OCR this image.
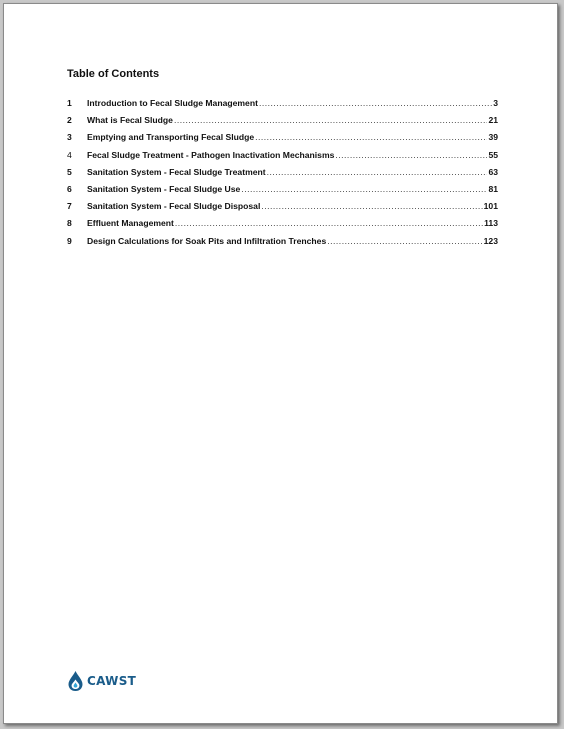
Table of Contents
1	Introduction to Fecal Sludge Management .....	3
2	What is Fecal Sludge .....	21
3	Emptying and Transporting Fecal Sludge .....	39
4	Fecal Sludge Treatment - Pathogen Inactivation Mechanisms .....	55
5	Sanitation System - Fecal Sludge Treatment .....	63
6	Sanitation System - Fecal Sludge Use .....	81
7	Sanitation System - Fecal Sludge Disposal .....	101
8	Effluent Management .....	113
9	Design Calculations for Soak Pits and Infiltration Trenches .....	123
CAWST
